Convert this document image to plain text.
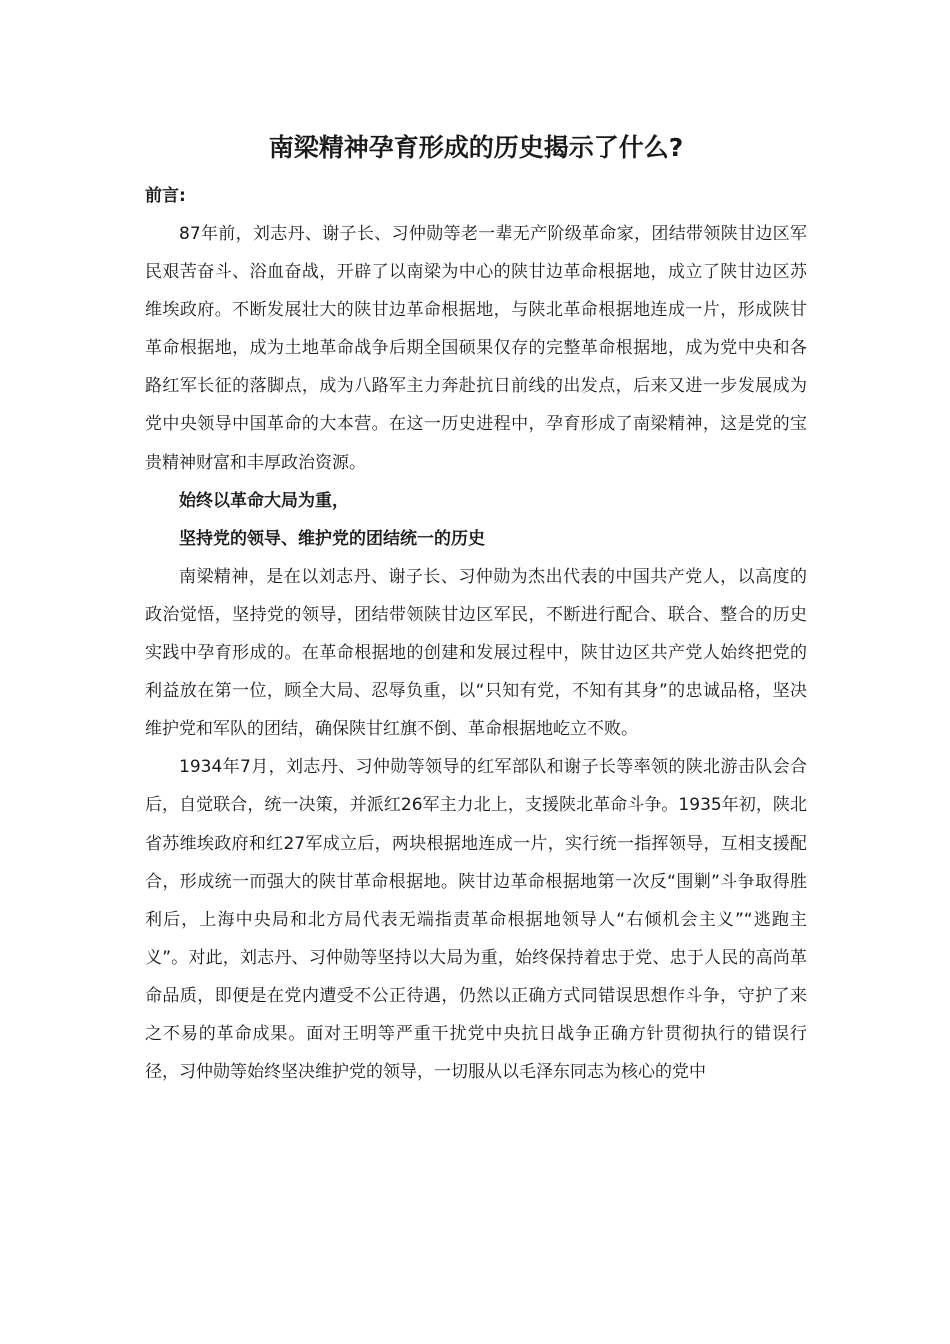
南梁精神孕育形成的历史揭示了什么?

前言:

87年前，刘志丹、谢子长、习仲勋等老一辈无产阶级革命家，团结带领陕甘边区军民艰苦奋斗、浴血奋战，开辟了以南梁为中心的陕甘边革命根据地，成立了陕甘边区苏维埃政府。不断发展壮大的陕甘边革命根据地，与陕北革命根据地连成一片，形成陕甘革命根据地，成为土地革命战争后期全国硕果仅存的完整革命根据地，成为党中央和各路红军长征的落脚点，成为八路军主力奔赴抗日前线的出发点，后来又进一步发展成为党中央领导中国革命的大本营。在这一历史进程中，孕育形成了南梁精神，这是党的宝贵精神财富和丰厚政治资源。

始终以革命大局为重，

坚持党的领导、维护党的团结统一的历史

南梁精神，是在以刘志丹、谢子长、习仲勋为杰出代表的中国共产党人，以高度的政治觉悟，坚持党的领导，团结带领陕甘边区军民，不断进行配合、联合、整合的历史实践中孕育形成的。在革命根据地的创建和发展过程中，陕甘边区共产党人始终把党的利益放在第一位，顾全大局、忍辱负重，以“只知有党，不知有其身”的忠诚品格，坚决维护党和军队的团结，确保陕甘红旗不倒、革命根据地屹立不败。

1934年7月，刘志丹、习仲勋等领导的红军部队和谢子长等率领的陕北游击队会合后，自觉联合，统一决策，并派红26军主力北上，支援陕北革命斗争。1935年初，陕北省苏维埃政府和红27军成立后，两块根据地连成一片，实行统一指挥领导，互相支援配合，形成统一而强大的陕甘革命根据地。陕甘边革命根据地第一次反“围剿”斗争取得胜利后，上海中央局和北方局代表无端指责革命根据地领导人“右倾机会主义”“逃跑主义”。对此，刘志丹、习仲勋等坚持以大局为重，始终保持着忠于党、忠于人民的高尚革命品质，即便是在党内遭受不公正待遇，仍然以正确方式同错误思想作斗争，守护了来之不易的革命成果。面对王明等严重干扰党中央抗日战争正确方针贯彻执行的错误行径，习仲勋等始终坚决维护党的领导，一切服从以毛泽东同志为核心的党中
